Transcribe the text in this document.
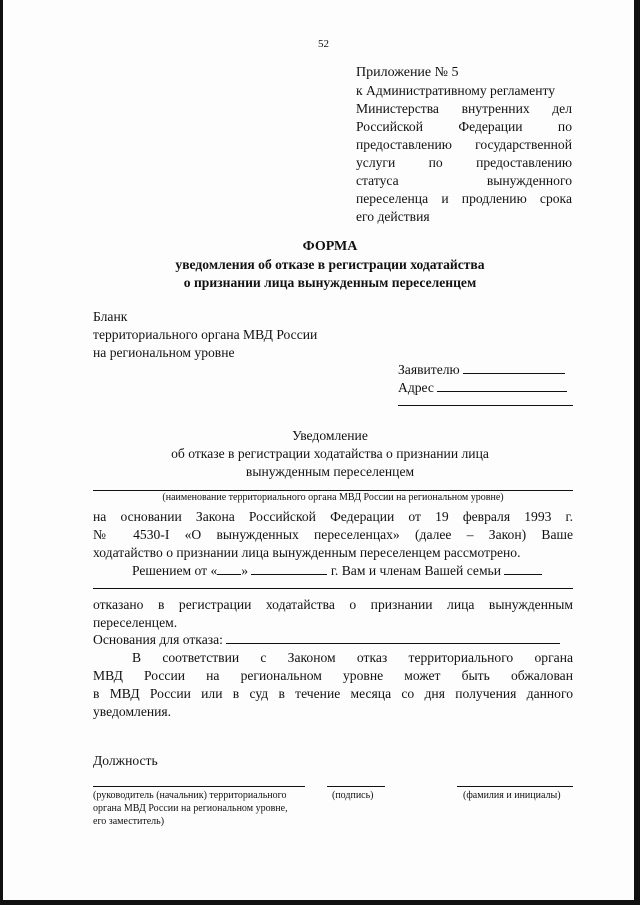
52
Приложение № 5
к Административному регламенту
Министерства внутренних дел
Российской Федерации по
предоставлению государственной
услуги по предоставлению
статуса вынужденного
переселенца и продлению срока
его действия
ФОРМА
уведомления об отказе в регистрации ходатайства
о признании лица вынужденным переселенцем
Бланк
территориального органа МВД России
на региональном уровне
Заявителю
Адрес
Уведомление
об отказе в регистрации ходатайства о признании лица
вынужденным переселенцем
(наименование территориального органа МВД России на региональном уровне)
на основании Закона Российской Федерации от 19 февраля 1993 г.
№ 4530-I «О вынужденных переселенцах» (далее – Закон) Ваше
ходатайство о признании лица вынужденным переселенцем рассмотрено.
Решением от « »	г. Вам и членам Вашей семьи
отказано в регистрации ходатайства о признании лица вынужденным
переселенцем.
Основания для отказа:
В соответствии с Законом отказ территориального органа
МВД России на региональном уровне может быть обжалован
в МВД России или в суд в течение месяца со дня получения данного
уведомления.
Должность
(руководитель (начальник) территориального
органа МВД России на региональном уровне,
его заместитель)
(подпись)	(фамилия и инициалы)
